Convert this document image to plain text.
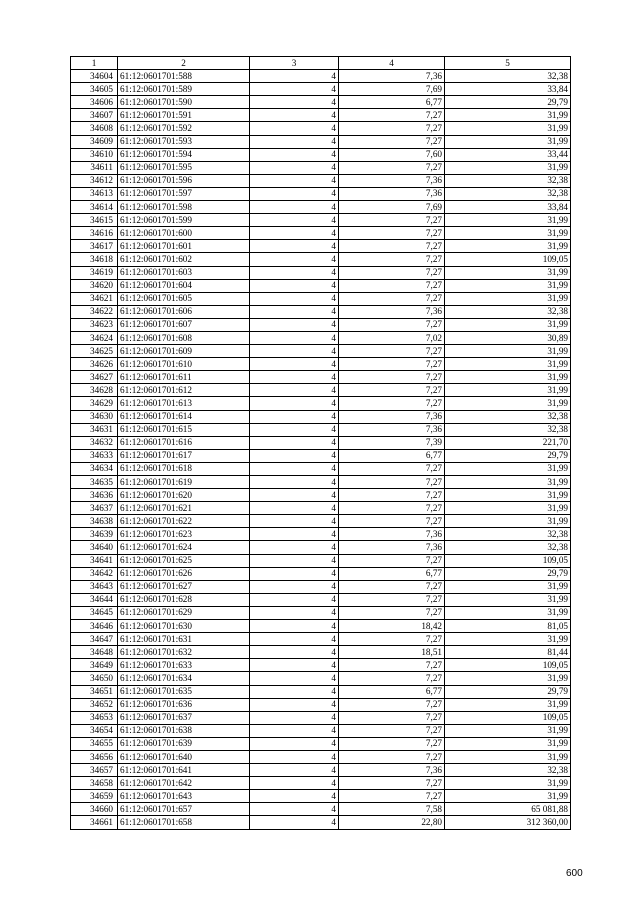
1	2	3	4	5
34604	61:12:0601701:588	4	7,36	32,38
34605	61:12:0601701:589	4	7,69	33,84
34606	61:12:0601701:590	4	6,77	29,79
34607	61:12:0601701:591	4	7,27	31,99
34608	61:12:0601701:592	4	7,27	31,99
34609	61:12:0601701:593	4	7,27	31,99
34610	61:12:0601701:594	4	7,60	33,44
34611	61:12:0601701:595	4	7,27	31,99
34612	61:12:0601701:596	4	7,36	32,38
34613	61:12:0601701:597	4	7,36	32,38
34614	61:12:0601701:598	4	7,69	33,84
34615	61:12:0601701:599	4	7,27	31,99
34616	61:12:0601701:600	4	7,27	31,99
34617	61:12:0601701:601	4	7,27	31,99
34618	61:12:0601701:602	4	7,27	109,05
34619	61:12:0601701:603	4	7,27	31,99
34620	61:12:0601701:604	4	7,27	31,99
34621	61:12:0601701:605	4	7,27	31,99
34622	61:12:0601701:606	4	7,36	32,38
34623	61:12:0601701:607	4	7,27	31,99
34624	61:12:0601701:608	4	7,02	30,89
34625	61:12:0601701:609	4	7,27	31,99
34626	61:12:0601701:610	4	7,27	31,99
34627	61:12:0601701:611	4	7,27	31,99
34628	61:12:0601701:612	4	7,27	31,99
34629	61:12:0601701:613	4	7,27	31,99
34630	61:12:0601701:614	4	7,36	32,38
34631	61:12:0601701:615	4	7,36	32,38
34632	61:12:0601701:616	4	7,39	221,70
34633	61:12:0601701:617	4	6,77	29,79
34634	61:12:0601701:618	4	7,27	31,99
34635	61:12:0601701:619	4	7,27	31,99
34636	61:12:0601701:620	4	7,27	31,99
34637	61:12:0601701:621	4	7,27	31,99
34638	61:12:0601701:622	4	7,27	31,99
34639	61:12:0601701:623	4	7,36	32,38
34640	61:12:0601701:624	4	7,36	32,38
34641	61:12:0601701:625	4	7,27	109,05
34642	61:12:0601701:626	4	6,77	29,79
34643	61:12:0601701:627	4	7,27	31,99
34644	61:12:0601701:628	4	7,27	31,99
34645	61:12:0601701:629	4	7,27	31,99
34646	61:12:0601701:630	4	18,42	81,05
34647	61:12:0601701:631	4	7,27	31,99
34648	61:12:0601701:632	4	18,51	81,44
34649	61:12:0601701:633	4	7,27	109,05
34650	61:12:0601701:634	4	7,27	31,99
34651	61:12:0601701:635	4	6,77	29,79
34652	61:12:0601701:636	4	7,27	31,99
34653	61:12:0601701:637	4	7,27	109,05
34654	61:12:0601701:638	4	7,27	31,99
34655	61:12:0601701:639	4	7,27	31,99
34656	61:12:0601701:640	4	7,27	31,99
34657	61:12:0601701:641	4	7,36	32,38
34658	61:12:0601701:642	4	7,27	31,99
34659	61:12:0601701:643	4	7,27	31,99
34660	61:12:0601701:657	4	7,58	65 081,88
34661	61:12:0601701:658	4	22,80	312 360,00
600
